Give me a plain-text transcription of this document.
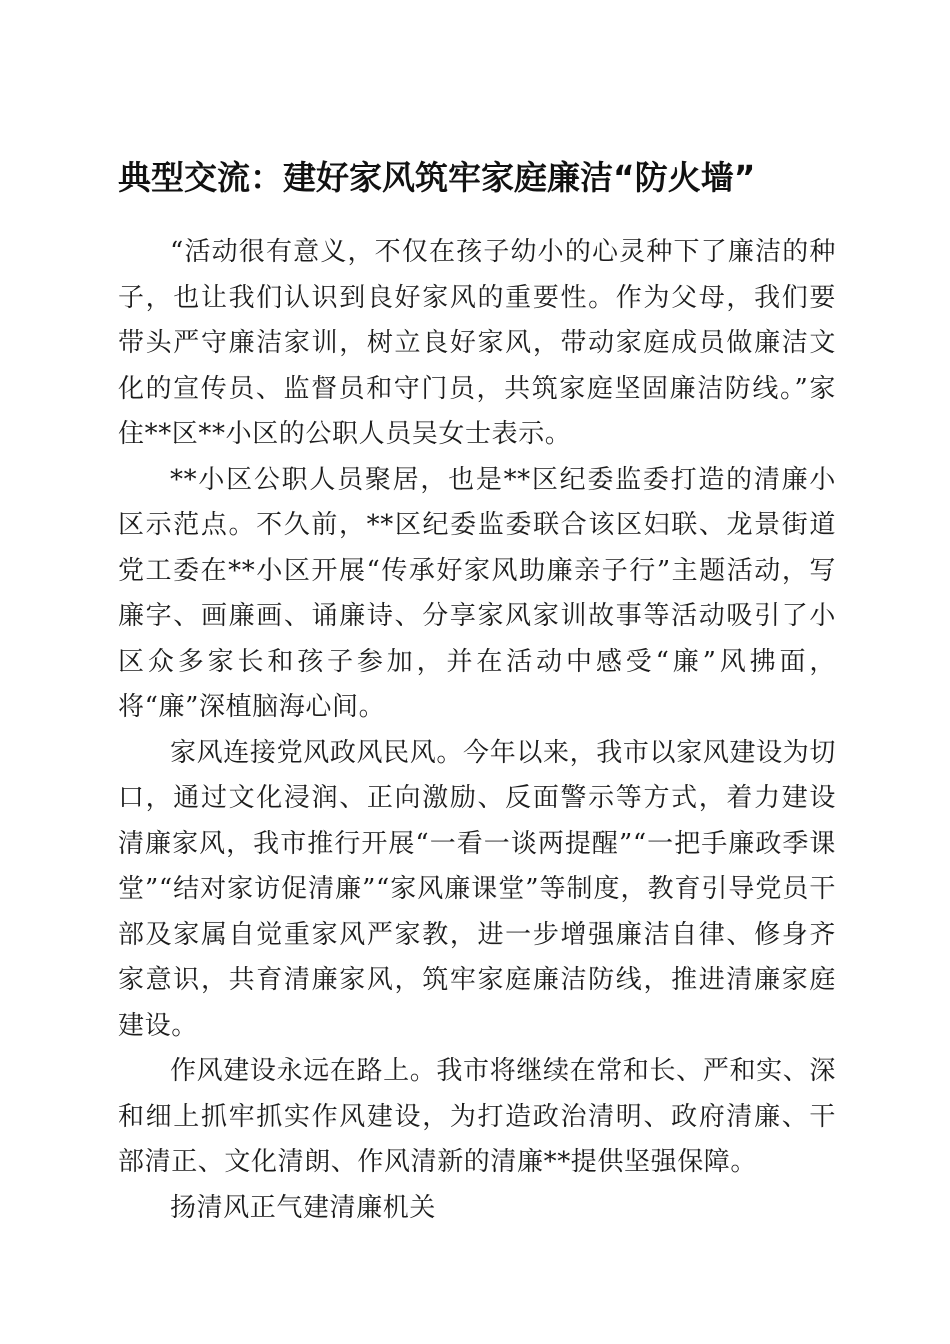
典型交流：建好家风筑牢家庭廉洁“防火墙”

“活动很有意义，不仅在孩子幼小的心灵种下了廉洁的种子，也让我们认识到良好家风的重要性。作为父母，我们要带头严守廉洁家训，树立良好家风，带动家庭成员做廉洁文化的宣传员、监督员和守门员，共筑家庭坚固廉洁防线。”家住**区**小区的公职人员吴女士表示。

**小区公职人员聚居，也是**区纪委监委打造的清廉小区示范点。不久前，**区纪委监委联合该区妇联、龙景街道党工委在**小区开展“传承好家风助廉亲子行”主题活动，写廉字、画廉画、诵廉诗、分享家风家训故事等活动吸引了小区众多家长和孩子参加，并在活动中感受“廉”风拂面，将“廉”深植脑海心间。

家风连接党风政风民风。今年以来，我市以家风建设为切口，通过文化浸润、正向激励、反面警示等方式，着力建设清廉家风，我市推行开展“一看一谈两提醒”“一把手廉政季课堂”“结对家访促清廉”“家风廉课堂”等制度，教育引导党员干部及家属自觉重家风严家教，进一步增强廉洁自律、修身齐家意识，共育清廉家风，筑牢家庭廉洁防线，推进清廉家庭建设。

作风建设永远在路上。我市将继续在常和长、严和实、深和细上抓牢抓实作风建设，为打造政治清明、政府清廉、干部清正、文化清朗、作风清新的清廉**提供坚强保障。

扬清风正气建清廉机关
